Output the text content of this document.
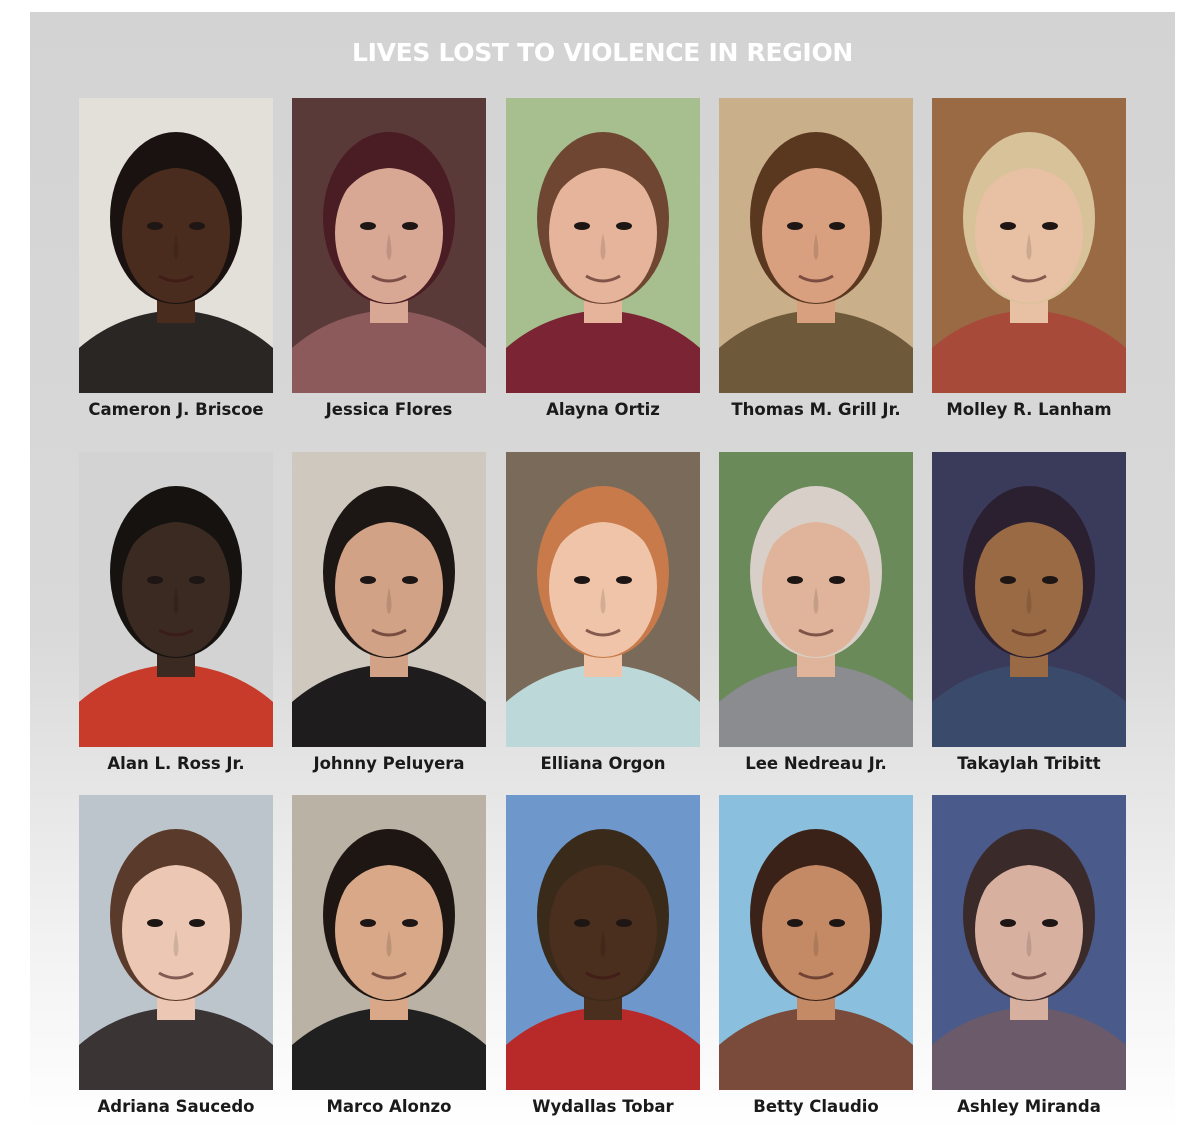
LIVES LOST TO VIOLENCE IN REGION
Cameron J. Briscoe	Jessica Flores	Alayna Ortiz	Thomas M. Grill Jr.	Molley R. Lanham
Alan L. Ross Jr.	Johnny Peluyera	Elliana Orgon	Lee Nedreau Jr.	Takaylah Tribitt
Adriana Saucedo	Marco Alonzo	Wydallas Tobar	Betty Claudio	Ashley Miranda
